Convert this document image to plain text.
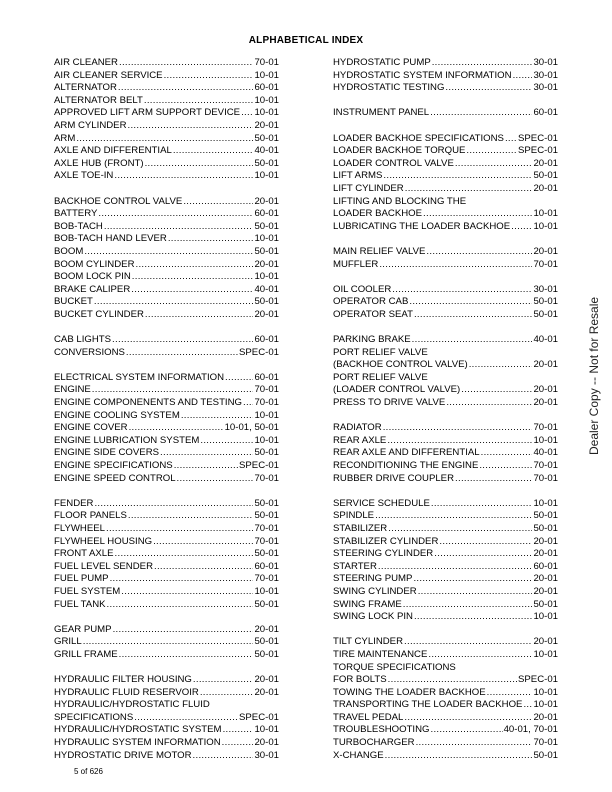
ALPHABETICAL INDEX
AIR CLEANER .....	70-01
AIR CLEANER SERVICE .....	10-01
ALTERNATOR .....	60-01
ALTERNATOR BELT .....	10-01
APPROVED LIFT ARM SUPPORT DEVICE ..... 10-01
ARM CYLINDER .....	20-01
ARM .....	50-01
AXLE AND DIFFERENTIAL .....	40-01
AXLE HUB (FRONT) .....	50-01
AXLE TOE-IN .....	10-01
BACKHOE CONTROL VALVE .....	20-01
BATTERY .....	60-01
BOB-TACH .....	50-01
BOB-TACH HAND LEVER .....	10-01
BOOM .....	50-01
BOOM CYLINDER .....	20-01
BOOM LOCK PIN .....	10-01
BRAKE CALIPER .....	40-01
BUCKET .....	50-01
BUCKET CYLINDER .....	20-01
CAB LIGHTS .....	60-01
CONVERSIONS .....	SPEC-01
ELECTRICAL SYSTEM INFORMATION .....	60-01
ENGINE .....	70-01
ENGINE COMPONENENTS AND TESTING ..... 70-01
ENGINE COOLING SYSTEM .....	10-01
ENGINE COVER .....	10-01, 50-01
ENGINE LUBRICATION SYSTEM .....	10-01
ENGINE SIDE COVERS .....	50-01
ENGINE SPECIFICATIONS .....	SPEC-01
ENGINE SPEED CONTROL .....	70-01
FENDER .....	50-01
FLOOR PANELS .....	50-01
FLYWHEEL .....	70-01
FLYWHEEL HOUSING .....	70-01
FRONT AXLE .....	50-01
FUEL LEVEL SENDER .....	60-01
FUEL PUMP .....	70-01
FUEL SYSTEM .....	10-01
FUEL TANK .....	50-01
GEAR PUMP .....	20-01
GRILL .....	50-01
GRILL FRAME .....	50-01
HYDRAULIC FILTER HOUSING .....	20-01
HYDRAULIC FLUID RESERVOIR .....	20-01
HYDRAULIC/HYDROSTATIC FLUID
SPECIFICATIONS .....	SPEC-01
HYDRAULIC/HYDROSTATIC SYSTEM .....	10-01
HYDRAULIC SYSTEM INFORMATION .....	20-01
HYDROSTATIC DRIVE MOTOR .....	30-01
HYDROSTATIC PUMP .....	30-01
HYDROSTATIC SYSTEM INFORMATION ..... 30-01
HYDROSTATIC TESTING .....	30-01
INSTRUMENT PANEL .....	60-01
LOADER BACKHOE SPECIFICATIONS ..... SPEC-01
LOADER BACKHOE TORQUE .....	SPEC-01
LOADER CONTROL VALVE .....	20-01
LIFT ARMS .....	50-01
LIFT CYLINDER .....	20-01
LIFTING AND BLOCKING THE
LOADER BACKHOE .....	10-01
LUBRICATING THE LOADER BACKHOE ..... 10-01
MAIN RELIEF VALVE .....	20-01
MUFFLER .....	70-01
OIL COOLER .....	30-01
OPERATOR CAB .....	50-01
OPERATOR SEAT .....	50-01
PARKING BRAKE .....	40-01
PORT RELIEF VALVE
(BACKHOE CONTROL VALVE) .....	20-01
PORT RELIEF VALVE
(LOADER CONTROL VALVE) .....	20-01
PRESS TO DRIVE VALVE .....	20-01
RADIATOR .....	70-01
REAR AXLE .....	10-01
REAR AXLE AND DIFFERENTIAL .....	40-01
RECONDITIONING THE ENGINE .....	70-01
RUBBER DRIVE COUPLER .....	70-01
SERVICE SCHEDULE .....	10-01
SPINDLE .....	50-01
STABILIZER .....	50-01
STABILIZER CYLINDER .....	20-01
STEERING CYLINDER .....	20-01
STARTER .....	60-01
STEERING PUMP .....	20-01
SWING CYLINDER .....	20-01
SWING FRAME .....	50-01
SWING LOCK PIN .....	10-01
TILT CYLINDER .....	20-01
TIRE MAINTENANCE .....	10-01
TORQUE SPECIFICATIONS
FOR BOLTS .....	SPEC-01
TOWING THE LOADER BACKHOE .....	10-01
TRANSPORTING THE LOADER BACKHOE ..... 10-01
TRAVEL PEDAL .....	20-01
TROUBLESHOOTING .....	40-01, 70-01
TURBOCHARGER .....	70-01
X-CHANGE .....	50-01
Dealer Copy -- Not for Resale
5 of 626
